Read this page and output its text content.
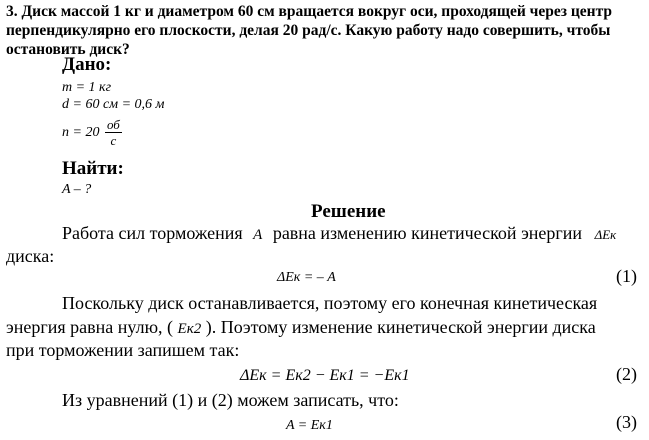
3. Диск массой 1 кг и диаметром 60 см вращается вокруг оси, проходящей через центр перпендикулярно его плоскости, делая 20 рад/с. Какую работу надо совершить, чтобы остановить диск?
Дано:
m = 1 кг
d = 60 см = 0,6 м
$n = 20 \frac{об}{с}$
Найти:
A – ?
Решение
Работа сил торможения A равна изменению кинетической энергии ΔEк
диска:
ΔEк = – A	(1)
Поскольку диск останавливается, поэтому его конечная кинетическая
энергия равна нулю, ( Eк2 ). Поэтому изменение кинетической энергии диска
при торможении запишем так:
ΔEк = Eк2 − Eк1 = −Eк1	(2)
Из уравнений (1) и (2) можем записать, что:
A = Eк1	(3)
